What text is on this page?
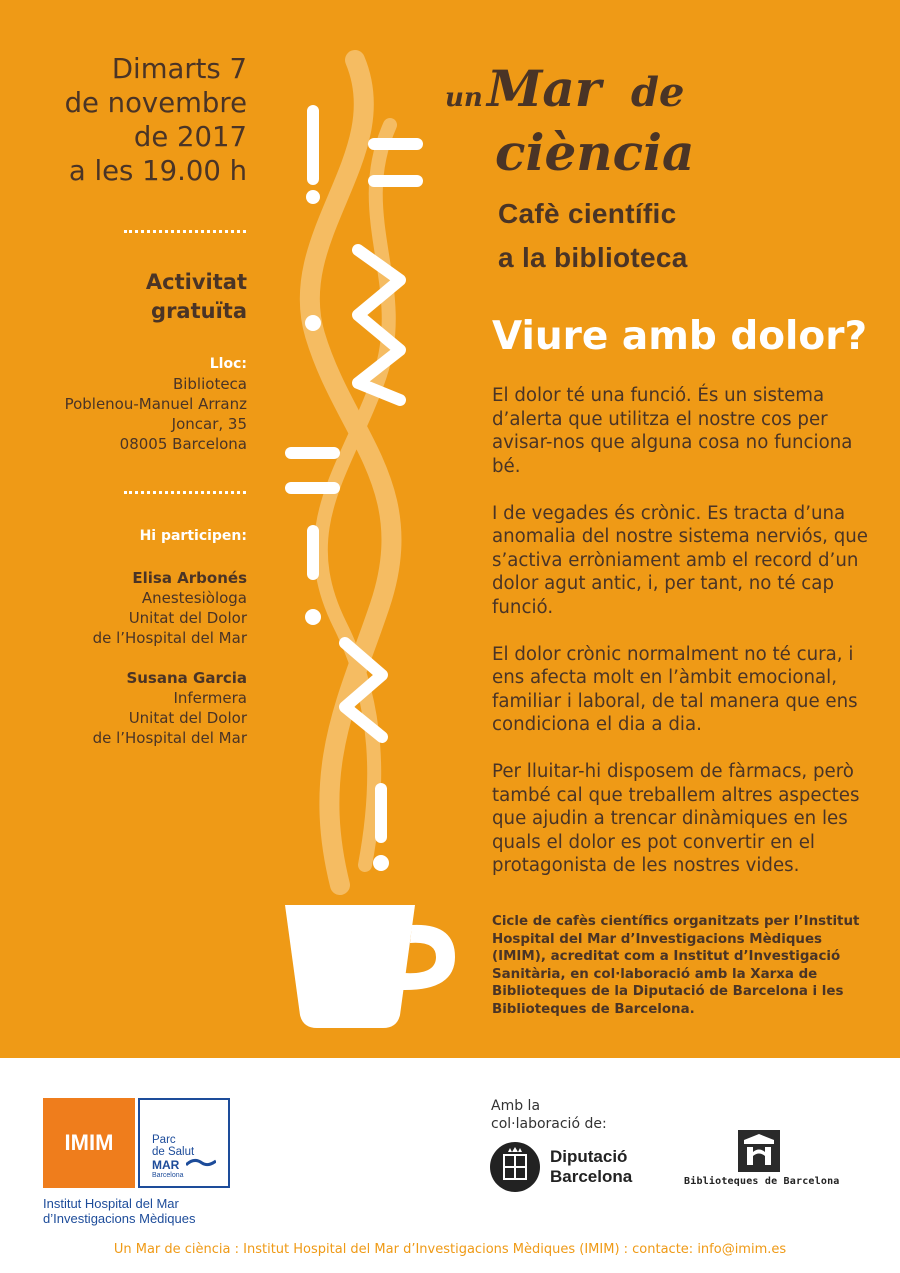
Dimarts 7
de novembre
de 2017
a les 19.00 h
Activitat
gratuïta
Lloc:
Biblioteca
Poblenou-Manuel Arranz
Joncar, 35
08005 Barcelona
Hi participen:
Elisa Arbonés
Anestesiòloga
Unitat del Dolor
de l’Hospital del Mar
Susana Garcia
Infermera
Unitat del Dolor
de l’Hospital del Mar
un Mar de
ciència
Cafè científic
a la biblioteca
Viure amb dolor?

El dolor té una funció. És un sistema d’alerta que utilitza el nostre cos per avisar-nos que alguna cosa no funciona bé.

I de vegades és crònic. Es tracta d’una anomalia del nostre sistema nerviós, que s’activa erròniament amb el record d’un dolor agut antic, i, per tant, no té cap funció.

El dolor crònic normalment no té cura, i ens afecta molt en l’àmbit emocional, familiar i laboral, de tal manera que ens condiciona el dia a dia.

Per lluitar-hi disposem de fàrmacs, però també cal que treballem altres aspectes que ajudin a trencar dinàmiques en les quals el dolor es pot convertir en el protagonista de les nostres vides.

Cicle de cafès científics organitzats per l’Institut Hospital del Mar d’Investigacions Mèdiques (IMIM), acreditat com a Institut d’Investigació Sanitària, en col·laboració amb la Xarxa de Biblioteques de la Diputació de Barcelona i les Biblioteques de Barcelona.
IMIM	Parc
de Salut
MAR
Barcelona
Institut Hospital del Mar
d’Investigacions Mèdiques
Amb la
col·laboració de:
Diputació
Barcelona	Biblioteques de Barcelona
Un Mar de ciència : Institut Hospital del Mar d’Investigacions Mèdiques (IMIM) : contacte: info@imim.es
